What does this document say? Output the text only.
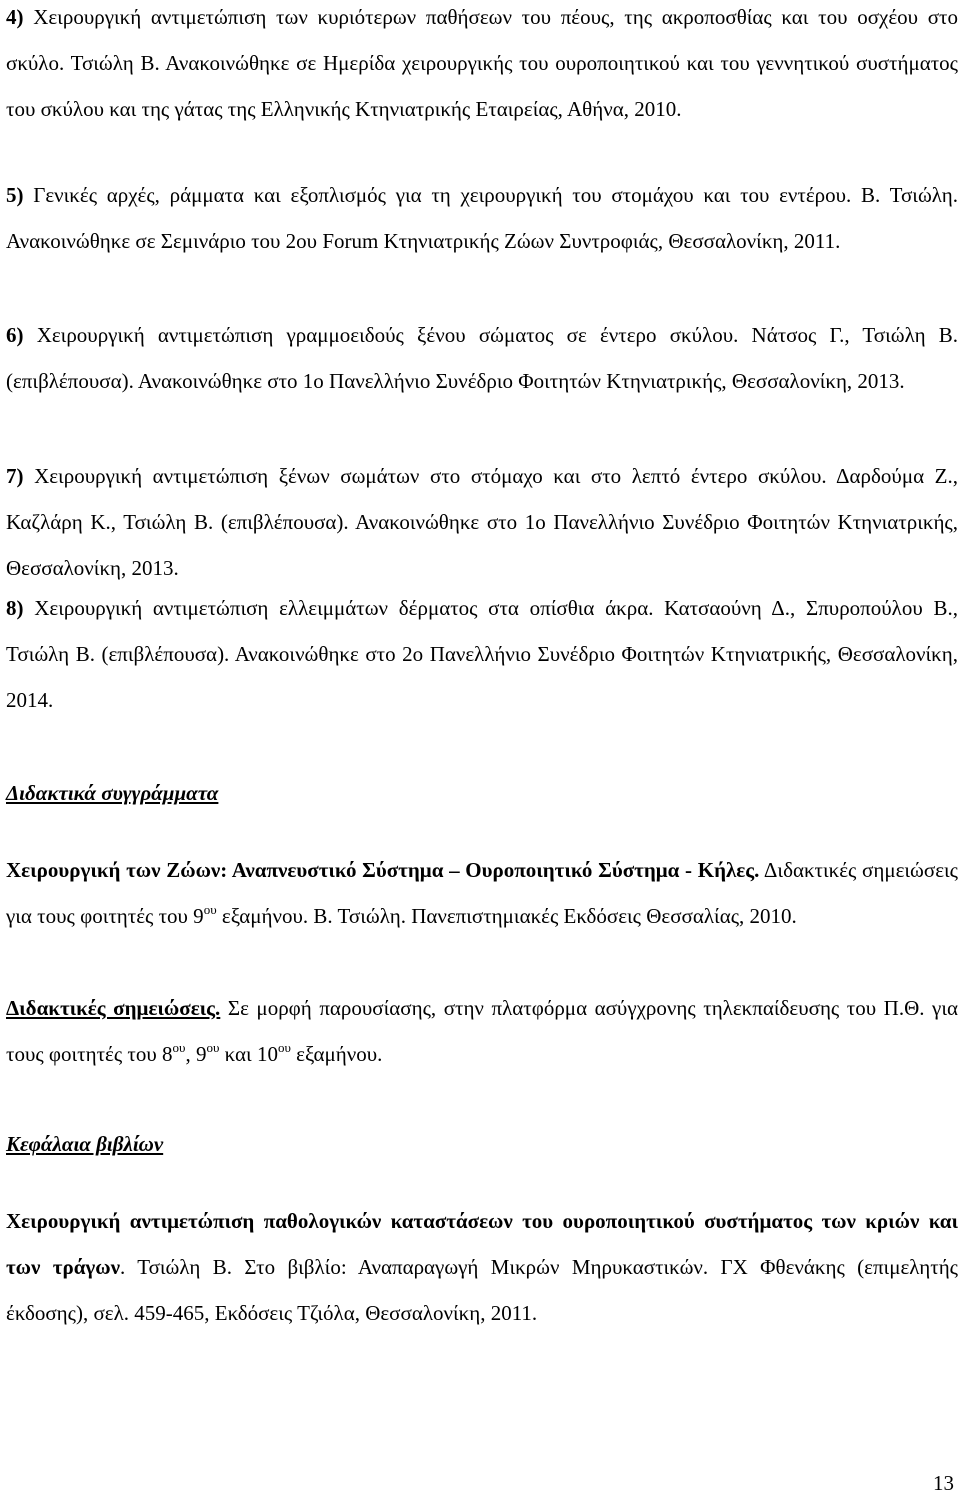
4) Χειρουργική αντιμετώπιση των κυριότερων παθήσεων του πέους, της ακροποσθίας και του οσχέου στο σκύλο. Τσιώλη Β. Ανακοινώθηκε σε Ημερίδα χειρουργικής του ουροποιητικού και του γεννητικού συστήματος του σκύλου και της γάτας της Ελληνικής Κτηνιατρικής Εταιρείας, Αθήνα, 2010.

5) Γενικές αρχές, ράμματα και εξοπλισμός για τη χειρουργική του στομάχου και του εντέρου. Β. Τσιώλη. Ανακοινώθηκε σε Σεμινάριο του 2ου Forum Κτηνιατρικής Ζώων Συντροφιάς, Θεσσαλονίκη, 2011.

6) Χειρουργική αντιμετώπιση γραμμοειδούς ξένου σώματος σε έντερο σκύλου. Νάτσος Γ., Τσιώλη Β. (επιβλέπουσα). Ανακοινώθηκε στο 1ο Πανελλήνιο Συνέδριο Φοιτητών Κτηνιατρικής, Θεσσαλονίκη, 2013.

7) Χειρουργική αντιμετώπιση ξένων σωμάτων στο στόμαχο και στο λεπτό έντερο σκύλου. Δαρδούμα Ζ., Καζλάρη Κ., Τσιώλη Β. (επιβλέπουσα). Ανακοινώθηκε στο 1ο Πανελλήνιο Συνέδριο Φοιτητών Κτηνιατρικής, Θεσσαλονίκη, 2013.

8) Χειρουργική αντιμετώπιση ελλειμμάτων δέρματος στα οπίσθια άκρα. Κατσαούνη Δ., Σπυροπούλου Β., Τσιώλη Β. (επιβλέπουσα). Ανακοινώθηκε στο 2ο Πανελλήνιο Συνέδριο Φοιτητών Κτηνιατρικής, Θεσσαλονίκη, 2014.

Διδακτικά συγγράμματα

Χειρουργική των Ζώων: Αναπνευστικό Σύστημα – Ουροποιητικό Σύστημα - Κήλες. Διδακτικές σημειώσεις για τους φοιτητές του $9^{o\upsilon}$ εξαμήνου. Β. Τσιώλη. Πανεπιστημιακές Εκδόσεις Θεσσαλίας, 2010.

Διδακτικές σημειώσεις. Σε μορφή παρουσίασης, στην πλατφόρμα ασύγχρονης τηλεκπαίδευσης του Π.Θ. για τους φοιτητές του $8^{o\upsilon}$, $9^{o\upsilon}$ και $10^{o\upsilon}$ εξαμήνου.

Κεφάλαια βιβλίων

Χειρουργική αντιμετώπιση παθολογικών καταστάσεων του ουροποιητικού συστήματος των κριών και των τράγων. Τσιώλη Β. Στο βιβλίο: Αναπαραγωγή Μικρών Μηρυκαστικών. ΓΧ Φθενάκης (επιμελητής έκδοσης), σελ. 459-465, Εκδόσεις Τζιόλα, Θεσσαλονίκη, 2011.

13
